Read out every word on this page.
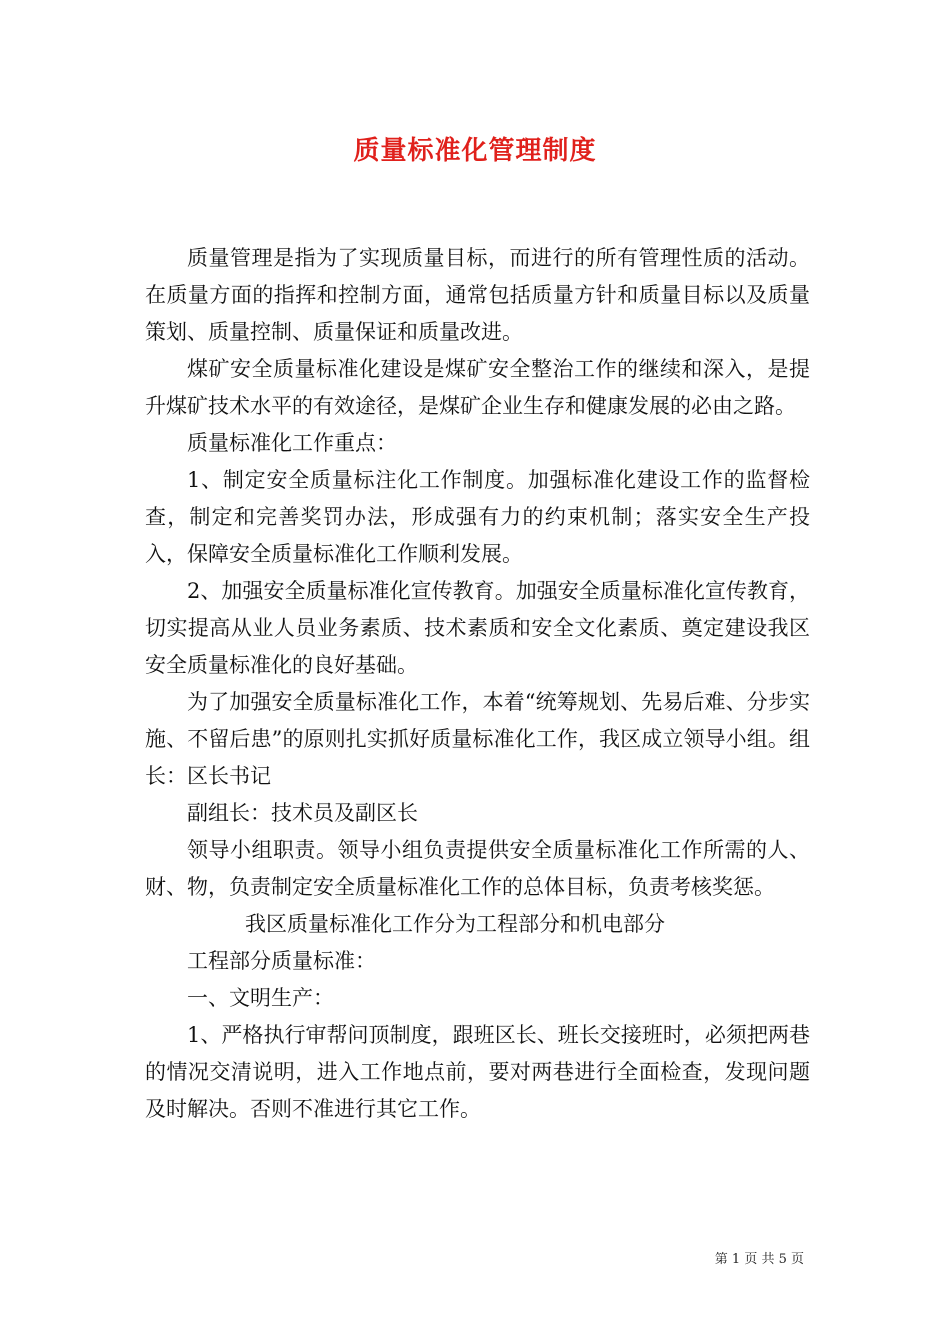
质量标准化管理制度

质量管理是指为了实现质量目标，而进行的所有管理性质的活动。在质量方面的指挥和控制方面，通常包括质量方针和质量目标以及质量策划、质量控制、质量保证和质量改进。

煤矿安全质量标准化建设是煤矿安全整治工作的继续和深入，是提升煤矿技术水平的有效途径，是煤矿企业生存和健康发展的必由之路。

质量标准化工作重点：

1、制定安全质量标注化工作制度。加强标准化建设工作的监督检查，制定和完善奖罚办法，形成强有力的约束机制；落实安全生产投入，保障安全质量标准化工作顺利发展。

2、加强安全质量标准化宣传教育。加强安全质量标准化宣传教育，切实提高从业人员业务素质、技术素质和安全文化素质、奠定建设我区安全质量标准化的良好基础。

为了加强安全质量标准化工作，本着“统筹规划、先易后难、分步实施、不留后患”的原则扎实抓好质量标准化工作，我区成立领导小组。组长：区长书记

副组长：技术员及副区长

领导小组职责。领导小组负责提供安全质量标准化工作所需的人、财、物，负责制定安全质量标准化工作的总体目标，负责考核奖惩。

我区质量标准化工作分为工程部分和机电部分

工程部分质量标准：

一、文明生产：

1、严格执行审帮问顶制度，跟班区长、班长交接班时，必须把两巷的情况交清说明，进入工作地点前，要对两巷进行全面检查，发现问题及时解决。否则不准进行其它工作。

第 1 页 共 5 页
